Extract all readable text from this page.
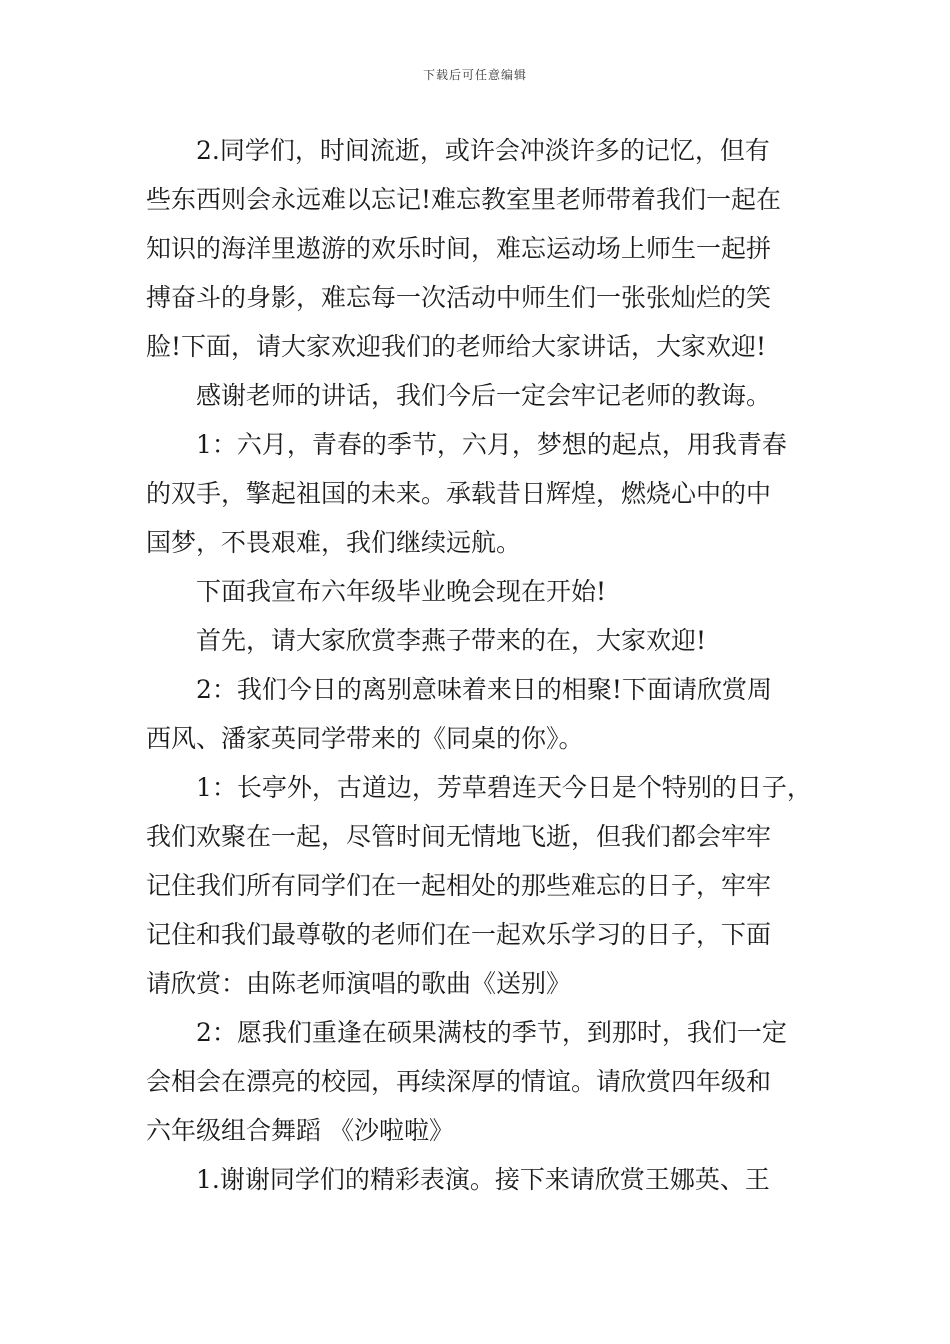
下载后可任意编辑
2.同学们，时间流逝，或许会冲淡许多的记忆，但有
些东西则会永远难以忘记!难忘教室里老师带着我们一起在
知识的海洋里遨游的欢乐时间，难忘运动场上师生一起拼
搏奋斗的身影，难忘每一次活动中师生们一张张灿烂的笑
脸!下面，请大家欢迎我们的老师给大家讲话，大家欢迎!
感谢老师的讲话，我们今后一定会牢记老师的教诲。
1：六月，青春的季节，六月，梦想的起点，用我青春
的双手，擎起祖国的未来。承载昔日辉煌，燃烧心中的中
国梦，不畏艰难，我们继续远航。
下面我宣布六年级毕业晚会现在开始!
首先，请大家欣赏李燕子带来的在，大家欢迎!
2：我们今日的离别意味着来日的相聚!下面请欣赏周
西风、潘家英同学带来的《同桌的你》。
1：长亭外，古道边，芳草碧连天今日是个特别的日子，
我们欢聚在一起，尽管时间无情地飞逝，但我们都会牢牢
记住我们所有同学们在一起相处的那些难忘的日子，牢牢
记住和我们最尊敬的老师们在一起欢乐学习的日子，下面
请欣赏：由陈老师演唱的歌曲《送别》
2：愿我们重逢在硕果满枝的季节，到那时，我们一定
会相会在漂亮的校园，再续深厚的情谊。请欣赏四年级和
六年级组合舞蹈 《沙啦啦》
1.谢谢同学们的精彩表演。接下来请欣赏王娜英、王
